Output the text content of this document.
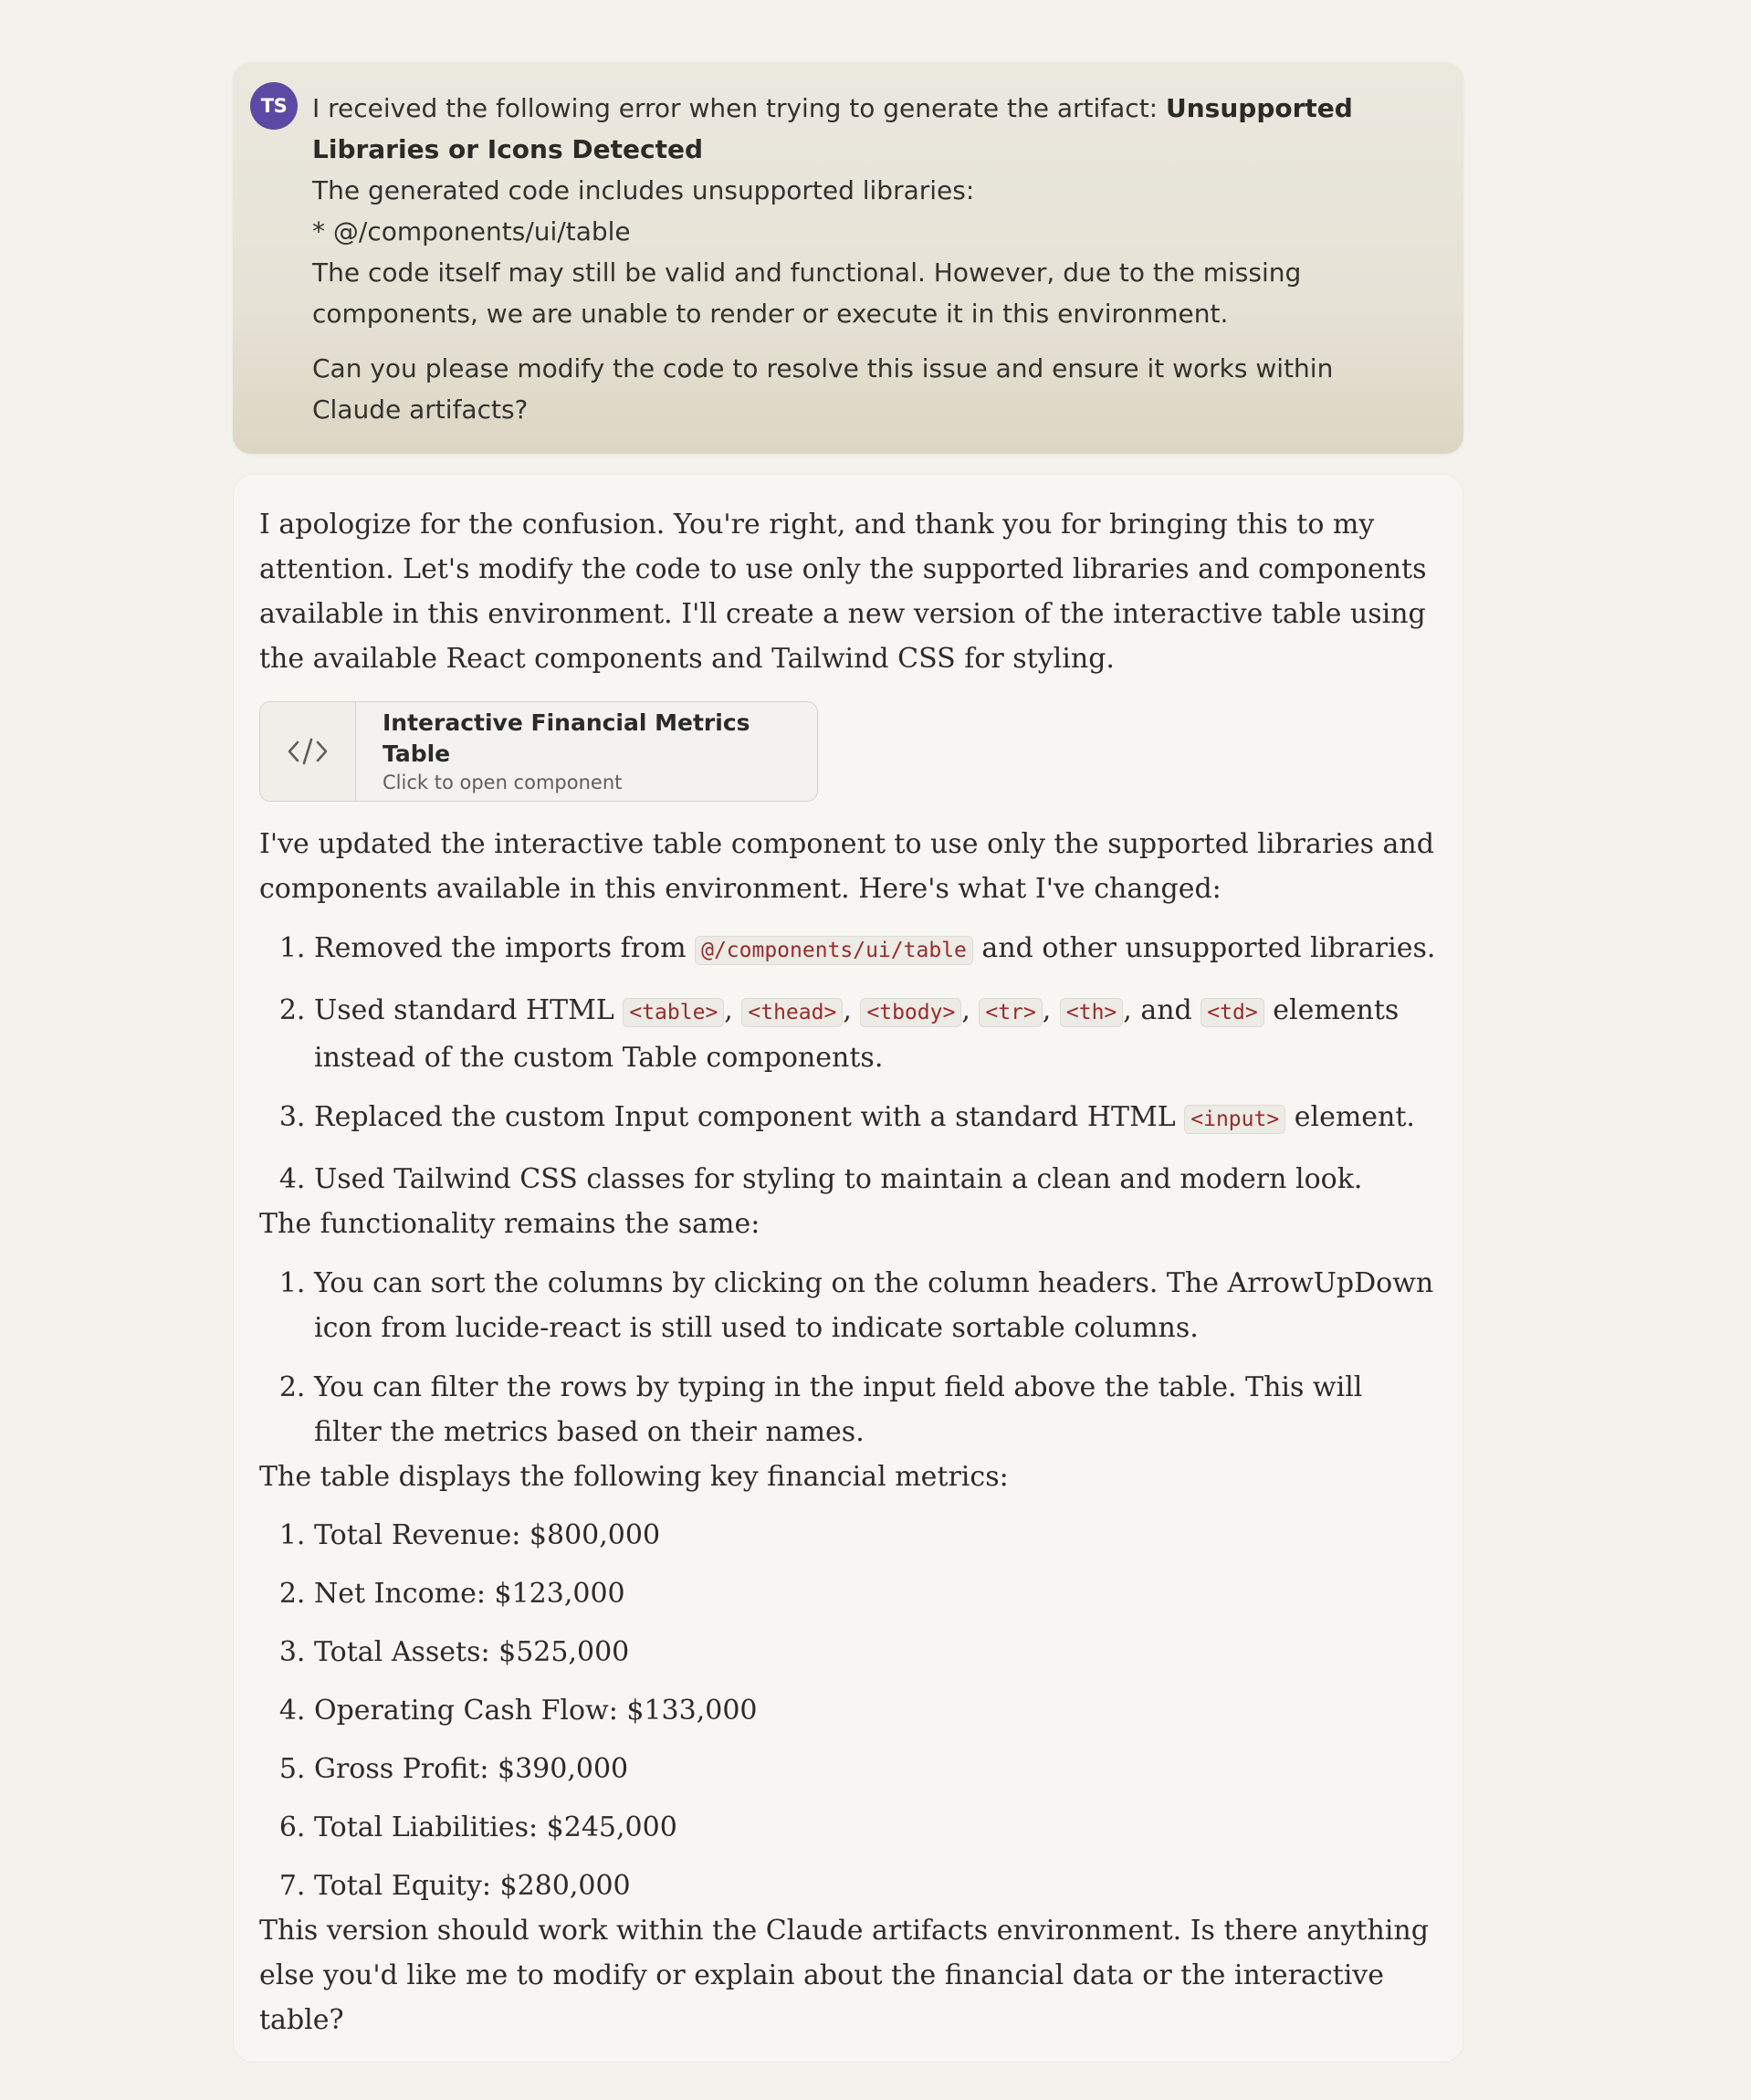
TS I received the following error when trying to generate the artifact: Unsupported Libraries or Icons Detected

The generated code includes unsupported libraries:

* @/components/ui/table

The code itself may still be valid and functional. However, due to the missing components, we are unable to render or execute it in this environment.

Can you please modify the code to resolve this issue and ensure it works within Claude artifacts?

I apologize for the confusion. You're right, and thank you for bringing this to my attention. Let's modify the code to use only the supported libraries and components available in this environment. I'll create a new version of the interactive table using the available React components and Tailwind CSS for styling.

Interactive Financial Metrics Table
Click to open component

I've updated the interactive table component to use only the supported libraries and components available in this environment. Here's what I've changed:

1. Removed the imports from @/components/ui/table and other unsupported libraries.
2. Used standard HTML <table> , <thead> , <tbody> , <tr> , <th> , and <td> elements instead of the custom Table components.
3. Replaced the custom Input component with a standard HTML <input> element.
4. Used Tailwind CSS classes for styling to maintain a clean and modern look.

The functionality remains the same:

1. You can sort the columns by clicking on the column headers. The ArrowUpDown icon from lucide-react is still used to indicate sortable columns.
2. You can filter the rows by typing in the input field above the table. This will filter the metrics based on their names.

The table displays the following key financial metrics:

1. Total Revenue: $800,000
2. Net Income: $123,000
3. Total Assets: $525,000
4. Operating Cash Flow: $133,000
5. Gross Profit: $390,000
6. Total Liabilities: $245,000
7. Total Equity: $280,000

This version should work within the Claude artifacts environment. Is there anything else you'd like me to modify or explain about the financial data or the interactive table?
